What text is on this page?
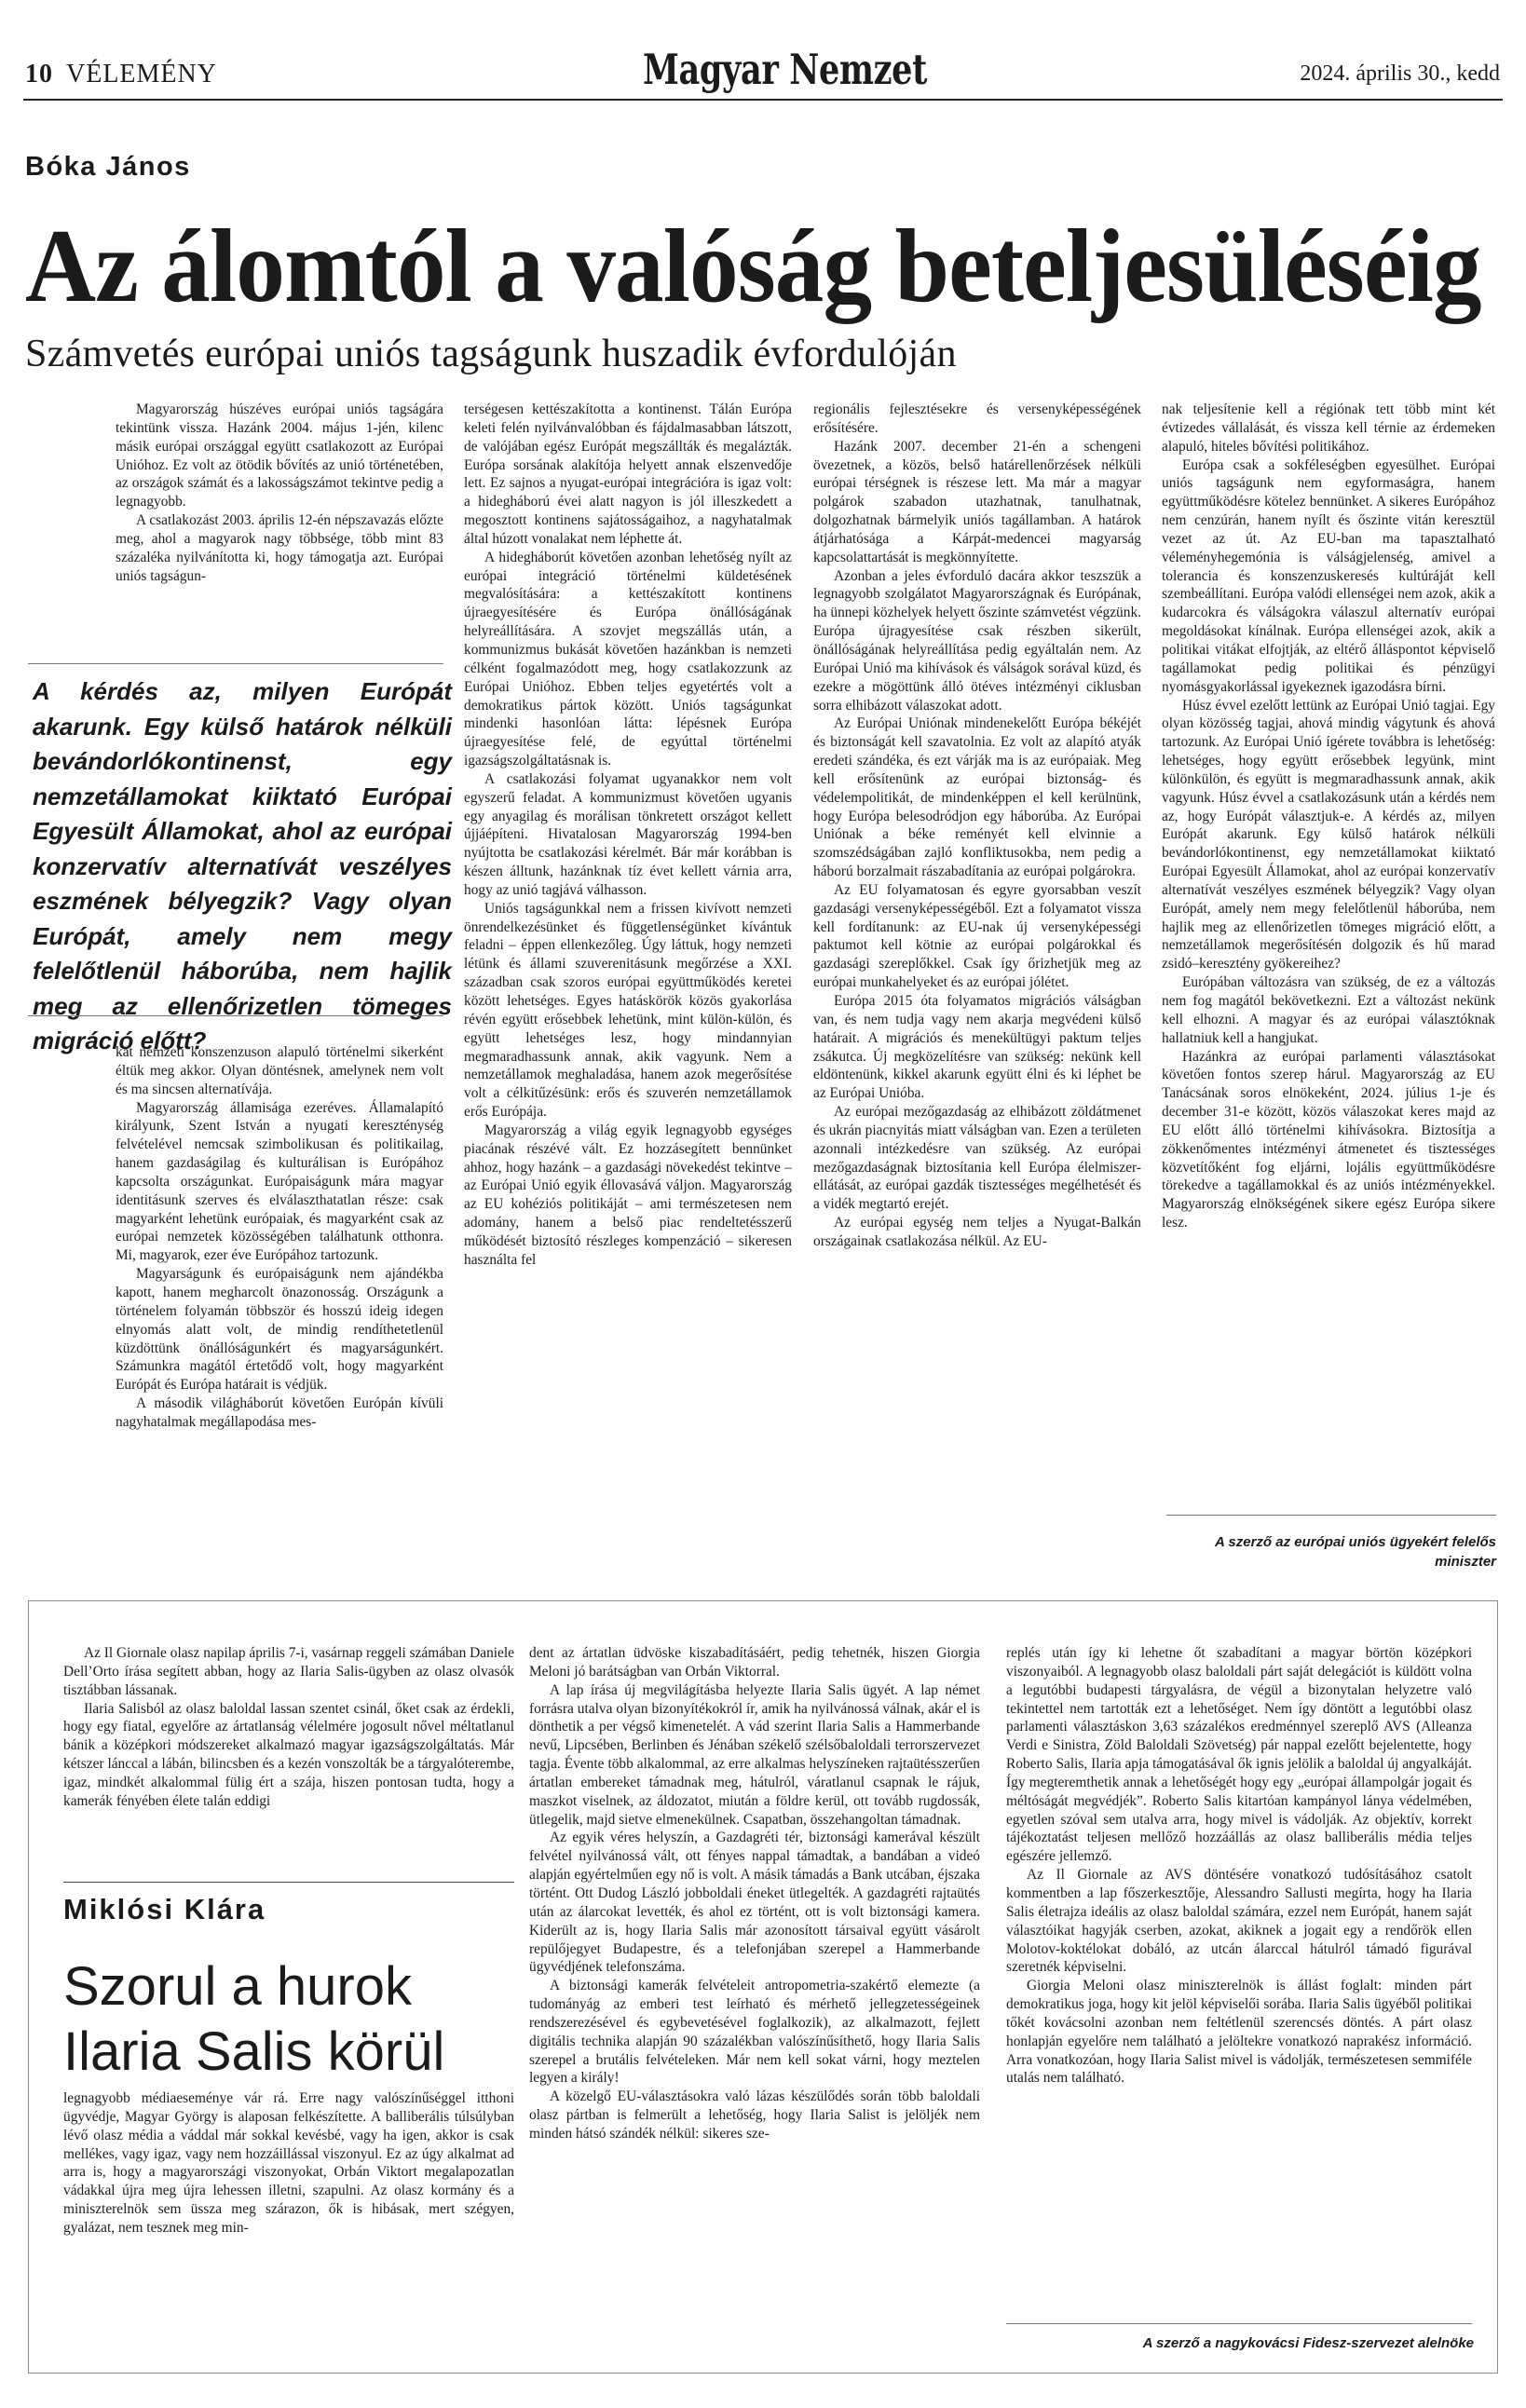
10 VÉLEMÉNY	Magyar Nemzet	2024. április 30., kedd
Bóka János
Az álomtól a valóság beteljesüléséig
Számvetés európai uniós tagságunk huszadik évfordulóján

Magyarország húszéves európai uniós tagságára tekintünk vissza. Hazánk 2004. május 1-jén, kilenc másik európai országgal együtt csatlakozott az Európai Unióhoz. Ez volt az ötödik bővítés az unió történetében, az országok számát és a lakosságszámot tekintve pedig a legnagyobb.

A csatlakozást 2003. április 12-én népszavazás előzte meg, ahol a magyarok nagy többsége, több mint 83 százaléka nyilvánította ki, hogy támogatja azt. Európai uniós tagságun-

A kérdés az, milyen Európát akarunk. Egy külső határok nélküli bevándorlókontinenst, egy nemzetállamokat kiiktató Európai Egyesült Államokat, ahol az európai konzervatív alternatívát veszélyes eszmének bélyegzik? Vagy olyan Európát, amely nem megy felelőtlenül háborúba, nem hajlik meg az ellenőrizetlen tömeges migráció előtt?

kat nemzeti konszenzuson alapuló történelmi sikerként éltük meg akkor. Olyan döntésnek, amelynek nem volt és ma sincsen alternatívája.

Magyarország államisága ezeréves. Államalapító királyunk, Szent István a nyugati kereszténység felvételével nemcsak szimbolikusan és politikailag, hanem gazdaságilag és kulturálisan is Európához kapcsolta országunkat. Európaiságunk mára magyar identitásunk szerves és elválaszthatatlan része: csak magyarként lehetünk európaiak, és magyarként csak az európai nemzetek közösségében találhatunk otthonra. Mi, magyarok, ezer éve Európához tartozunk.

Magyarságunk és európaiságunk nem ajándékba kapott, hanem megharcolt önazonosság. Országunk a történelem folyamán többször és hosszú ideig idegen elnyomás alatt volt, de mindig rendíthetetlenül küzdöttünk önállóságunkért és magyarságunkért. Számunkra magától értetődő volt, hogy magyarként Európát és Európa határait is védjük.

A második világháborút követően Európán kívüli nagyhatalmak megállapodása mes-

terségesen kettészakította a kontinenst. Tálán Európa keleti felén nyilvánvalóbban és fájdalmasabban látszott, de valójában egész Európát megszállták és megalázták. Európa sorsának alakítója helyett annak elszenvedője lett. Ez sajnos a nyugat-európai integrációra is igaz volt: a hidegháború évei alatt nagyon is jól illeszkedett a megosztott kontinens sajátosságaihoz, a nagyhatalmak által húzott vonalakat nem léphette át.

A hidegháborút követően azonban lehetőség nyílt az európai integráció történelmi küldetésének megvalósítására: a kettészakított kontinens újraegyesítésére és Európa önállóságának helyreállítására. A szovjet megszállás után, a kommunizmus bukását követően hazánkban is nemzeti célként fogalmazódott meg, hogy csatlakozzunk az Európai Unióhoz. Ebben teljes egyetértés volt a demokratikus pártok között. Uniós tagságunkat mindenki hasonlóan látta: lépésnek Európa újraegyesítése felé, de egyúttal történelmi igazságszolgáltatásnak is.

A csatlakozási folyamat ugyanakkor nem volt egyszerű feladat. A kommunizmust követően ugyanis egy anyagilag és morálisan tönkretett országot kellett újjáépíteni. Hivatalosan Magyarország 1994-ben nyújtotta be csatlakozási kérelmét. Bár már korábban is készen álltunk, hazánknak tíz évet kellett várnia arra, hogy az unió tagjává válhasson.

Uniós tagságunkkal nem a frissen kivívott nemzeti önrendelkezésünket és függetlenségünket kívántuk feladni – éppen ellenkezőleg. Úgy láttuk, hogy nemzeti létünk és állami szuverenitásunk megőrzése a XXI. században csak szoros európai együttműködés keretei között lehetséges. Egyes hatáskörök közös gyakorlása révén együtt erősebbek lehetünk, mint külön-külön, és együtt lehetséges lesz, hogy mindannyian megmaradhassunk annak, akik vagyunk. Nem a nemzetállamok meghaladása, hanem azok megerősítése volt a célkitűzésünk: erős és szuverén nemzetállamok erős Európája.

Magyarország a világ egyik legnagyobb egységes piacának részévé vált. Ez hozzásegített bennünket ahhoz, hogy hazánk – a gazdasági növekedést tekintve – az Európai Unió egyik éllovasává váljon. Magyarország az EU kohéziós politikáját – ami természetesen nem adomány, hanem a belső piac rendeltetésszerű működését biztosító részleges kompenzáció – sikeresen használta fel

regionális fejlesztésekre és versenyképességének erősítésére.

Hazánk 2007. december 21-én a schengeni övezetnek, a közös, belső határellenőrzések nélküli európai térségnek is részese lett. Ma már a magyar polgárok szabadon utazhatnak, tanulhatnak, dolgozhatnak bármelyik uniós tagállamban. A határok átjárhatósága a Kárpát-medencei magyarság kapcsolattartását is megkönnyítette.

Azonban a jeles évforduló dacára akkor teszszük a legnagyobb szolgálatot Magyarországnak és Európának, ha ünnepi közhelyek helyett őszinte számvetést végzünk. Európa újragyesítése csak részben sikerült, önállóságának helyreállítása pedig egyáltalán nem. Az Európai Unió ma kihívások és válságok sorával küzd, és ezekre a mögöttünk álló ötéves intézményi ciklusban sorra elhibázott válaszokat adott.

Az Európai Uniónak mindenekelőtt Európa békéjét és biztonságát kell szavatolnia. Ez volt az alapító atyák eredeti szándéka, és ezt várják ma is az európaiak. Meg kell erősítenünk az európai biztonság- és védelempolitikát, de mindenképpen el kell kerülnünk, hogy Európa belesodródjon egy háborúba. Az Európai Uniónak a béke reményét kell elvinnie a szomszédságában zajló konfliktusokba, nem pedig a háború borzalmait rászabadítania az európai polgárokra.

Az EU folyamatosan és egyre gyorsabban veszít gazdasági versenyképességéből. Ezt a folyamatot vissza kell fordítanunk: az EU-nak új versenyképességi paktumot kell kötnie az európai polgárokkal és gazdasági szereplőkkel. Csak így őrizhetjük meg az európai munkahelyeket és az európai jólétet.

Európa 2015 óta folyamatos migrációs válságban van, és nem tudja vagy nem akarja megvédeni külső határait. A migrációs és menekültügyi paktum teljes zsákutca. Új megközelítésre van szükség: nekünk kell eldöntenünk, kikkel akarunk együtt élni és ki léphet be az Európai Unióba.

Az európai mezőgazdaság az elhibázott zöldátmenet és ukrán piacnyitás miatt válságban van. Ezen a területen azonnali intézkedésre van szükség. Az európai mezőgazdaságnak biztosítania kell Európa élelmiszer-ellátását, az európai gazdák tisztességes megélhetését és a vidék megtartó erejét.

Az európai egység nem teljes a Nyugat-Balkán országainak csatlakozása nélkül. Az EU-

nak teljesítenie kell a régiónak tett több mint két évtizedes vállalását, és vissza kell térnie az érdemeken alapuló, hiteles bővítési politikához.

Európa csak a sokféleségben egyesülhet. Európai uniós tagságunk nem egyformaságra, hanem együttműködésre kötelez bennünket. A sikeres Európához nem cenzúrán, hanem nyílt és őszinte vitán keresztül vezet az út. Az EU-ban ma tapasztalható véleményhegemónia is válságjelenség, amivel a tolerancia és konszenzuskeresés kultúráját kell szembeállítani. Európa valódi ellenségei nem azok, akik a kudarcokra és válságokra válaszul alternatív európai megoldásokat kínálnak. Európa ellenségei azok, akik a politikai vitákat elfojtják, az eltérő álláspontot képviselő tagállamokat pedig politikai és pénzügyi nyomásgyakorlással igyekeznek igazodásra bírni.

Húsz évvel ezelőtt lettünk az Európai Unió tagjai. Egy olyan közösség tagjai, ahová mindig vágytunk és ahová tartozunk. Az Európai Unió ígérete továbbra is lehetőség: lehetséges, hogy együtt erősebbek legyünk, mint különkülön, és együtt is megmaradhassunk annak, akik vagyunk. Húsz évvel a csatlakozásunk után a kérdés nem az, hogy Európát választjuk-e. A kérdés az, milyen Európát akarunk. Egy külső határok nélküli bevándorlókontinenst, egy nemzetállamokat kiiktató Európai Egyesült Államokat, ahol az európai konzervatív alternatívát veszélyes eszmének bélyegzik? Vagy olyan Európát, amely nem megy felelőtlenül háborúba, nem hajlik meg az ellenőrizetlen tömeges migráció előtt, a nemzetállamok megerősítésén dolgozik és hű marad zsidó–keresztény gyökereihez?

Európában változásra van szükség, de ez a változás nem fog magától bekövetkezni. Ezt a változást nekünk kell elhozni. A magyar és az európai választóknak hallatniuk kell a hangjukat.

Hazánkra az európai parlamenti választásokat követően fontos szerep hárul. Magyarország az EU Tanácsának soros elnökeként, 2024. július 1-je és december 31-e között, közös válaszokat keres majd az EU előtt álló történelmi kihívásokra. Biztosítja a zökkenőmentes intézményi átmenetet és tisztességes közvetítőként fog eljárni, lojális együttműködésre törekedve a tagállamokkal és az uniós intézményekkel. Magyarország elnökségének sikere egész Európa sikere lesz.

A szerző az európai uniós ügyekért felelős miniszter

Az Il Giornale olasz napilap április 7-i, vasárnap reggeli számában Daniele Dell’Orto írása segített abban, hogy az Ilaria Salis-ügyben az olasz olvasók tisztábban lássanak.

Ilaria Salisból az olasz baloldal lassan szentet csinál, őket csak az érdekli, hogy egy fiatal, egyelőre az ártatlanság vélelmére jogosult nővel méltatlanul bánik a középkori módszereket alkalmazó magyar igazságszolgáltatás. Már kétszer lánccal a lábán, bilincsben és a kezén vonszolták be a tárgyalóterembe, igaz, mindkét alkalommal fülig ért a szája, hiszen pontosan tudta, hogy a kamerák fényében élete talán eddigi

Miklósi Klára
Szorul a hurok Ilaria Salis körül

legnagyobb médiaeseménye vár rá. Erre nagy valószínűséggel itthoni ügyvédje, Magyar György is alaposan felkészítette. A balliberális túlsúlyban lévő olasz média a váddal már sokkal kevésbé, vagy ha igen, akkor is csak mellékes, vagy igaz, vagy nem hozzáillással viszonyul. Ez az úgy alkalmat ad arra is, hogy a magyarországi viszonyokat, Orbán Viktort megalapozatlan vádakkal újra meg újra lehessen illetni, szapulni. Az olasz kormány és a miniszterelnök sem üssza meg szárazon, ők is hibásak, mert szégyen, gyalázat, nem tesznek meg min-

dent az ártatlan üdvöske kiszabadításáért, pedig tehetnék, hiszen Giorgia Meloni jó barátságban van Orbán Viktorral.

A lap írása új megvilágításba helyezte Ilaria Salis ügyét. A lap német forrásra utalva olyan bizonyítékokról ír, amik ha nyilvánossá válnak, akár el is dönthetik a per végső kimenetelét. A vád szerint Ilaria Salis a Hammerbande nevű, Lipcsében, Berlinben és Jénában székelő szélsőbaloldali terrorszervezet tagja. Évente több alkalommal, az erre alkalmas helyszíneken rajtaütésszerűen ártatlan embereket támadnak meg, hátulról, váratlanul csapnak le rájuk, maszkot viselnek, az áldozatot, miután a földre kerül, ott tovább rugdossák, ütlegelik, majd sietve elmenekülnek. Csapatban, összehangoltan támadnak.

Az egyik véres helyszín, a Gazdagréti tér, biztonsági kamerával készült felvétel nyilvánossá vált, ott fényes nappal támadtak, a bandában a videó alapján egyértelműen egy nő is volt. A másik támadás a Bank utcában, éjszaka történt. Ott Dudog László jobboldali éneket ütlegelték. A gazdagréti rajtaütés után az álarcokat levették, és ahol ez történt, ott is volt biztonsági kamera. Kiderült az is, hogy Ilaria Salis már azonosított társaival együtt vásárolt repülőjegyet Budapestre, és a telefonjában szerepel a Hammerbande ügyvédjének telefonszáma.

A biztonsági kamerák felvételeit antropometria-szakértő elemezte (a tudományág az emberi test leírható és mérhető jellegzetességeinek rendszerezésével és egybevetésével foglalkozik), az alkalmazott, fejlett digitális technika alapján 90 százalékban valószínűsíthető, hogy Ilaria Salis szerepel a brutális felvételeken. Már nem kell sokat várni, hogy meztelen legyen a király!

A közelgő EU-választásokra való lázas készülődés során több baloldali olasz pártban is felmerült a lehetőség, hogy Ilaria Salist is jelöljék nem minden hátsó szándék nélkül: sikeres sze-

replés után így ki lehetne őt szabadítani a magyar börtön középkori viszonyaiból. A legnagyobb olasz baloldali párt saját delegációt is küldött volna a legutóbbi budapesti tárgyalásra, de végül a bizonytalan helyzetre való tekintettel nem tartották ezt a lehetőséget. Nem így döntött a legutóbbi olasz parlamenti választáskon 3,63 százalékos eredménnyel szereplő AVS (Alleanza Verdi e Sinistra, Zöld Baloldali Szövetség) pár nappal ezelőtt bejelentette, hogy Roberto Salis, Ilaria apja támogatásával ők ignis jelölik a baloldal új angyalkáját. Így megteremthetik annak a lehetőségét hogy egy „európai állampolgár jogait és méltóságát megvédjék”. Roberto Salis kitartóan kampányol lánya védelmében, egyetlen szóval sem utalva arra, hogy mivel is vádolják. Az objektív, korrekt tájékoztatást teljesen mellőző hozzáállás az olasz balliberális média teljes egészére jellemző.

Az Il Giornale az AVS döntésére vonatkozó tudósításához csatolt kommentben a lap főszerkesztője, Alessandro Sallusti megírta, hogy ha Ilaria Salis életrajza ideális az olasz baloldal számára, ezzel nem Európát, hanem saját választóikat hagyják cserben, azokat, akiknek a jogait egy a rendőrök ellen Molotov-koktélokat dobáló, az utcán álarccal hátulról támadó figurával szeretnék képviselni.

Giorgia Meloni olasz miniszterelnök is állást foglalt: minden párt demokratikus joga, hogy kit jelöl képviselői sorába. Ilaria Salis ügyéből politikai tőkét kovácsolni azonban nem feltétlenül szerencsés döntés. A párt olasz honlapján egyelőre nem található a jelöltekre vonatkozó naprakész információ. Arra vonatkozóan, hogy Ilaria Salist mivel is vádolják, természetesen semmiféle utalás nem található.

A szerző a nagykovácsi Fidesz-szervezet alelnöke
